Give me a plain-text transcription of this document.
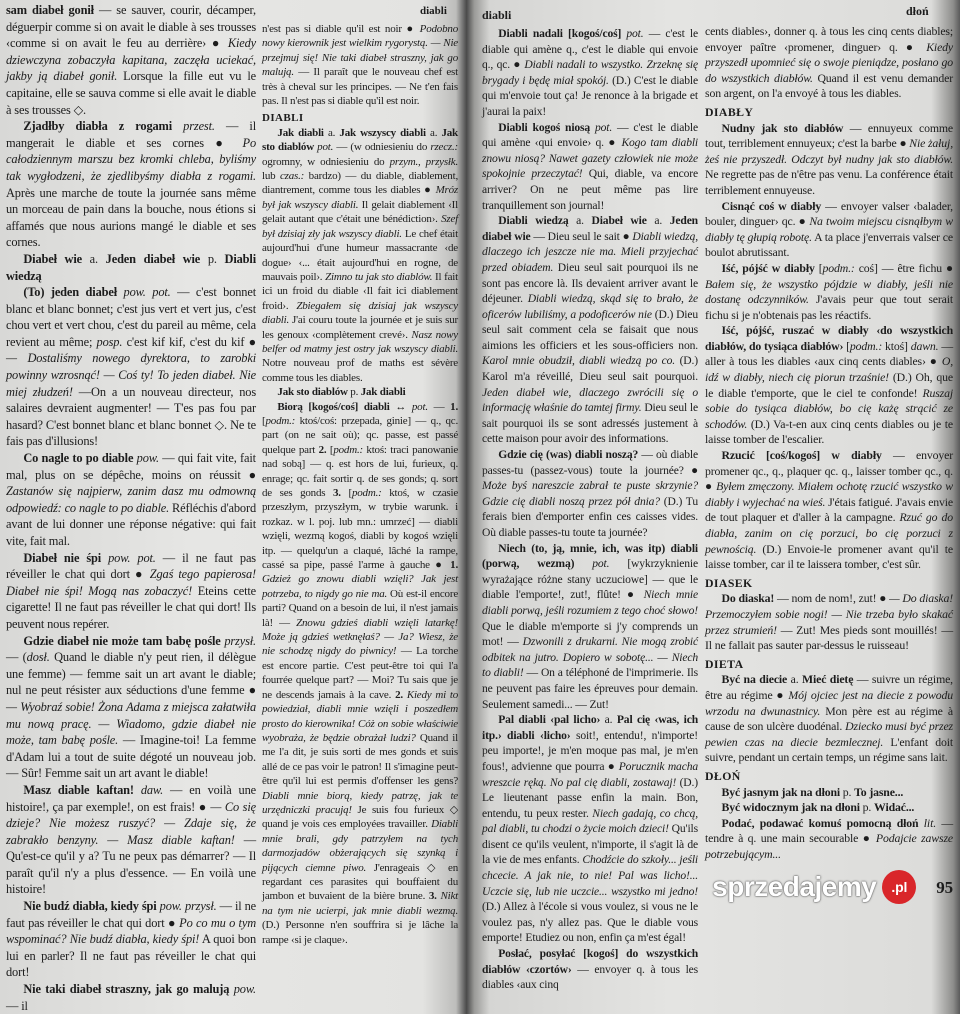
diabli

sam diabeł gonił — se sauver, courir, décamper, déguerpir comme si on avait le diable à ses trousses ‹comme si on avait le feu au derrière› ● Kiedy dziewczyna zobaczyła kapitana, zaczęła uciekać, jakby ją diabeł gonił. Lorsque la fille eut vu le capitaine, elle se sauva comme si elle avait le diable à ses trousses ◇.

Zjadłby diabła z rogami przest. — il mangerait le diable et ses cornes ● Po całodziennym marszu bez kromki chleba, byliśmy tak wygłodzeni, że zjedlibyśmy diabła z rogami. Après une marche de toute la journée sans même un morceau de pain dans la bouche, nous étions si affamés que nous aurions mangé le diable et ses cornes.

Diabeł wie a. Jeden diabeł wie p. Diabli wiedzą

(To) jeden diabeł pow. pot. — c'est bonnet blanc et blanc bonnet; c'est jus vert et vert jus, c'est chou vert et vert chou, c'est du pareil au même, cela revient au même; posp. c'est kif kif, c'est du kif ● — Dostaliśmy nowego dyrektora, to zarobki powinny wzrosnąć! — Coś ty! To jeden diabeł. Nie miej złudzeń! —On a un nouveau directeur, nos salaires devraient augmenter! — T'es pas fou par hasard? C'est bonnet blanc et blanc bonnet ◇. Ne te fais pas d'illusions!

Co nagle to po diable pow. — qui fait vite, fait mal, plus on se dépêche, moins on réussit ● Zastanów się najpierw, zanim dasz mu odmowną odpowiedź: co nagle to po diable. Réfléchis d'abord avant de lui donner une réponse négative: qui fait vite, fait mal.

Diabeł nie śpi pow. pot. — il ne faut pas réveiller le chat qui dort ● Zgaś tego papierosa! Diabeł nie śpi! Mogą nas zobaczyć! Eteins cette cigarette! Il ne faut pas réveiller le chat qui dort! Ils peuvent nous repérer.

Gdzie diabeł nie może tam babę pośle przysł. — (dosł. Quand le diable n'y peut rien, il délègue une femme) — femme sait un art avant le diable; nul ne peut résister aux séductions d'une femme ● — Wyobraź sobie! Żona Adama z miejsca załatwiła mu nową pracę. — Wiadomo, gdzie diabeł nie może, tam babę pośle. — Imagine-toi! La femme d'Adam lui a tout de suite dégoté un nouveau job. — Sûr! Femme sait un art avant le diable!

Masz diable kaftan! daw. — en voilà une histoire!, ça par exemple!, on est frais! ● — Co się dzieje? Nie możesz ruszyć? — Zdaje się, że zabrakło benzyny. — Masz diable kaftan! — Qu'est-ce qu'il y a? Tu ne peux pas démarrer? — Il paraît qu'il n'y a plus d'essence. — En voilà une histoire!

Nie budź diabła, kiedy śpi pow. przysł. — il ne faut pas réveiller le chat qui dort ● Po co mu o tym wspominać? Nie budź diabła, kiedy śpi! A quoi bon lui en parler? Il ne faut pas réveiller le chat qui dort!

Nie taki diabeł straszny, jak go malują pow. — il

n'est pas si diable qu'il est noir ● Podobno nowy kierownik jest wielkim rygorystą. — Nie przejmuj się! Nie taki diabeł straszny, jak go malują. — Il paraît que le nouveau chef est très à cheval sur les principes. — Ne t'en fais pas. Il n'est pas si diable qu'il est noir.

DIABLI

Jak diabli a. Jak wszyscy diabli a. Jak sto diablów pot. — (w odniesieniu do rzecz.: ogromny, w odniesieniu do przym., przysłk. lub czas.: bardzo) — du diable, diablement, diantrement, comme tous les diables ● Mróz był jak wszyscy diabli. Il gelait diablement ‹Il gelait autant que c'était une bénédiction›. Szef był dzisiaj zły jak wszyscy diabli. Le chef était aujourd'hui d'une humeur massacrante ‹de dogue› ‹... était aujourd'hui en rogne, de mauvais poil›. Zimno tu jak sto diablów. Il fait ici un froid du diable ‹Il fait ici diablement froid›. Zbiegałem się dzisiaj jak wszyscy diabli. J'ai couru toute la journée et je suis sur les genoux ‹complètement crevé›. Nasz nowy belfer od matmy jest ostry jak wszyscy diabli. Notre nouveau prof de maths est sévère comme tous les diables.

Jak sto diablów p. Jak diabli

Biorą [kogoś/coś] diabli ↔ pot. — 1. [podm.: ktoś/coś: przepada, ginie] — q., qc. part (on ne sait où); qc. passe, est passé quelque part 2. [podm.: ktoś: traci panowanie nad sobą] — q. est hors de lui, furieux, q. enrage; qc. fait sortir q. de ses gonds; q. sort de ses gonds 3. [podm.: ktoś, w czasie przeszłym, przyszłym, w trybie warunk. i rozkaz. w l. poj. lub mn.: umrzeć] — diabli wzięli, wezmą kogoś, diabli by kogoś wzięli itp. — quelqu'un a claqué, lâché la rampe, cassé sa pipe, passé l'arme à gauche ● 1. Gdzież go znowu diabli wzięli? Jak jest potrzeba, to nigdy go nie ma. Où est-il encore parti? Quand on a besoin de lui, il n'est jamais là! — Znowu gdzieś diabli wzięli latarkę! Może ją gdzieś wetknęłaś? — Ja? Wiesz, że nie schodzę nigdy do piwnicy! — La torche est encore partie. C'est peut-être toi qui l'a fourrée quelque part? — Moi? Tu sais que je ne descends jamais à la cave. 2. Kiedy mi to powiedział, diabli mnie wzięli i poszedłem prosto do kierownika! Cóż on sobie właściwie wyobraża, że będzie obrażał ludzi? Quand il me l'a dit, je suis sorti de mes gonds et suis allé de ce pas voir le patron! Il s'imagine peut-être qu'il lui est permis d'offenser les gens? Diabli mnie biorą, kiedy patrzę, jak te urzędniczki pracują! Je suis fou furieux ◇ quand je vois ces employées travailler. Diabli mnie brali, gdy patrzyłem na tych darmozjadów obżerających się szynką i pijących ciemne piwo. J'enrageais ◇ en regardant ces parasites qui bouffaient du jambon et buvaient de la bière brune. 3. Nikt na tym nie ucierpi, jak mnie diabli wezmą. (D.) Personne n'en souffrira si je lâche la rampe ‹si je claque›.

diabli	dłoń

Diabli nadali [kogoś/coś] pot. — c'est le diable qui amène q., c'est le diable qui envoie q., qc. ● Diabli nadali to wszystko. Zrzeknę się brygady i będę miał spokój. (D.) C'est le diable qui m'envoie tout ça! Je renonce à la brigade et j'aurai la paix!

Diabli kogoś niosą pot. — c'est le diable qui amène ‹qui envoie› q. ● Kogo tam diabli znowu niosą? Nawet gazety człowiek nie może spokojnie przeczytać! Qui, diable, va encore arriver? On ne peut même pas lire tranquillement son journal!

Diabli wiedzą a. Diabeł wie a. Jeden diabeł wie — Dieu seul le sait ● Diabli wiedzą, dlaczego ich jeszcze nie ma. Mieli przyjechać przed obiadem. Dieu seul sait pourquoi ils ne sont pas encore là. Ils devaient arriver avant le déjeuner. Diabli wiedzą, skąd się to brało, że oficerów lubiliśmy, a podoficerów nie (D.) Dieu seul sait comment cela se faisait que nous aimions les officiers et les sous-officiers non. Karol mnie obudził, diabli wiedzą po co. (D.) Karol m'a réveillé, Dieu seul sait pourquoi. Jeden diabeł wie, dlaczego zwrócili się o informację właśnie do tamtej firmy. Dieu seul le sait pourquoi ils se sont adressés justement à cette maison pour avoir des informations.

Gdzie cię (was) diabli noszą? — où diable passes-tu (passez-vous) toute la journée? ● Może byś nareszcie zabrał te puste skrzynie? Gdzie cię diabli noszą przez pół dnia? (D.) Tu ferais bien d'emporter enfin ces caisses vides. Où diable passes-tu toute ta journée?

Niech (to, ją, mnie, ich, was itp) diabli (porwą, wezmą) pot. [wykrzyknienie wyrażające różne stany uczuciowe] — que le diable l'emporte!, zut!, flûte! ● Niech mnie diabli porwą, jeśli rozumiem z tego choć słowo! Que le diable m'emporte si j'y comprends un mot! — Dzwonili z drukarni. Nie mogą zrobić odbitek na jutro. Dopiero w sobotę... — Niech to diabli! — On a téléphoné de l'imprimerie. Ils ne peuvent pas faire les épreuves pour demain. Seulement samedi... — Zut!

Pal diabli ‹pal licho› a. Pal cię ‹was, ich itp.› diabli ‹licho› soit!, entendu!, n'importe! peu importe!, je m'en moque pas mal, je m'en fous!, advienne que pourra ● Porucznik macha wreszcie ręką. No pal cię diabli, zostawaj! (D.) Le lieutenant passe enfin la main. Bon, entendu, tu peux rester. Niech gadają, co chcą, pal diabli, tu chodzi o życie moich dzieci! Qu'ils disent ce qu'ils veulent, n'importe, il s'agit là de la vie de mes enfants. Chodźcie do szkoły... jeśli chcecie. A jak nie, to nie! Pal was licho!... Uczcie się, lub nie uczcie... wszystko mi jedno! (D.) Allez à l'école si vous voulez, si vous ne le voulez pas, n'y allez pas. Que le diable vous emporte! Etudiez ou non, enfin ça m'est égal!

Posłać, posyłać [kogoś] do wszystkich diabłów ‹czortów› — envoyer q. à tous les diables ‹aux cinq

cents diables›, donner q. à tous les cinq cents diables; envoyer paître ‹promener, dinguer› q. ● Kiedy przyszedł upomnieć się o swoje pieniądze, posłano go do wszystkich diabłów. Quand il est venu demander son argent, on l'a envoyé à tous les diables.

DIABŁY

Nudny jak sto diabłów — ennuyeux comme tout, terriblement ennuyeux; c'est la barbe ● Nie żałuj, żeś nie przyszedł. Odczyt był nudny jak sto diabłów. Ne regrette pas de n'être pas venu. La conférence était terriblement ennuyeuse.

Cisnąć coś w diabły — envoyer valser ‹balader, bouler, dinguer› qc. ● Na twoim miejscu cisnąłbym w diabły tę głupią robotę. A ta place j'enverrais valser ce boulot abrutissant.

Iść, pójść w diabły [podm.: coś] — être fichu ● Bałem się, że wszystko pójdzie w diabły, jeśli nie dostanę odczynników. J'avais peur que tout serait fichu si je n'obtenais pas les réactifs.

Iść, pójść, ruszać w diabły ‹do wszystkich diabłów, do tysiąca diabłów› [podm.: ktoś] dawn. — aller à tous les diables ‹aux cinq cents diables› ● O, idź w diabły, niech cię piorun trzaśnie! (D.) Oh, que le diable t'emporte, que le ciel te confonde! Ruszaj sobie do tysiąca diabłów, bo cię każę strącić ze schodów. (D.) Va-t-en aux cinq cents diables ou je te laisse tomber de l'escalier.

Rzucić [coś/kogoś] w diabły — envoyer promener qc., q., plaquer qc. q., laisser tomber qc., q. ● Byłem zmęczony. Miałem ochotę rzucić wszystko w diabły i wyjechać na wieś. J'étais fatigué. J'avais envie de tout plaquer et d'aller à la campagne. Rzuć go do diabła, zanim on cię porzuci, bo cię porzuci z pewnością. (D.) Envoie-le promener avant qu'il te laisse tomber, car il te laissera tomber, c'est sûr.

DIASEK

Do diaska! — nom de nom!, zut! ● — Do diaska! Przemoczyłem sobie nogi! — Nie trzeba było skakać przez strumień! — Zut! Mes pieds sont mouillés! — Il ne fallait pas sauter par-dessus le ruisseau!

DIETA

Być na diecie a. Mieć dietę — suivre un régime, être au régime ● Mój ojciec jest na diecie z powodu wrzodu na dwunastnicy. Mon père est au régime à cause de son ulcère duodénal. Dziecko musi być przez pewien czas na diecie bezmlecznej. L'enfant doit suivre, pendant un certain temps, un régime sans lait.

DŁOŃ

Być jasnym jak na dłoni p. To jasne...

Być widocznym jak na dłoni p. Widać...

Podać, podawać komuś pomocną dłoń lit. — tendre à q. une main secourable ● Podajcie zawsze potrzebującym...

sprzedajemy	.pl	95
